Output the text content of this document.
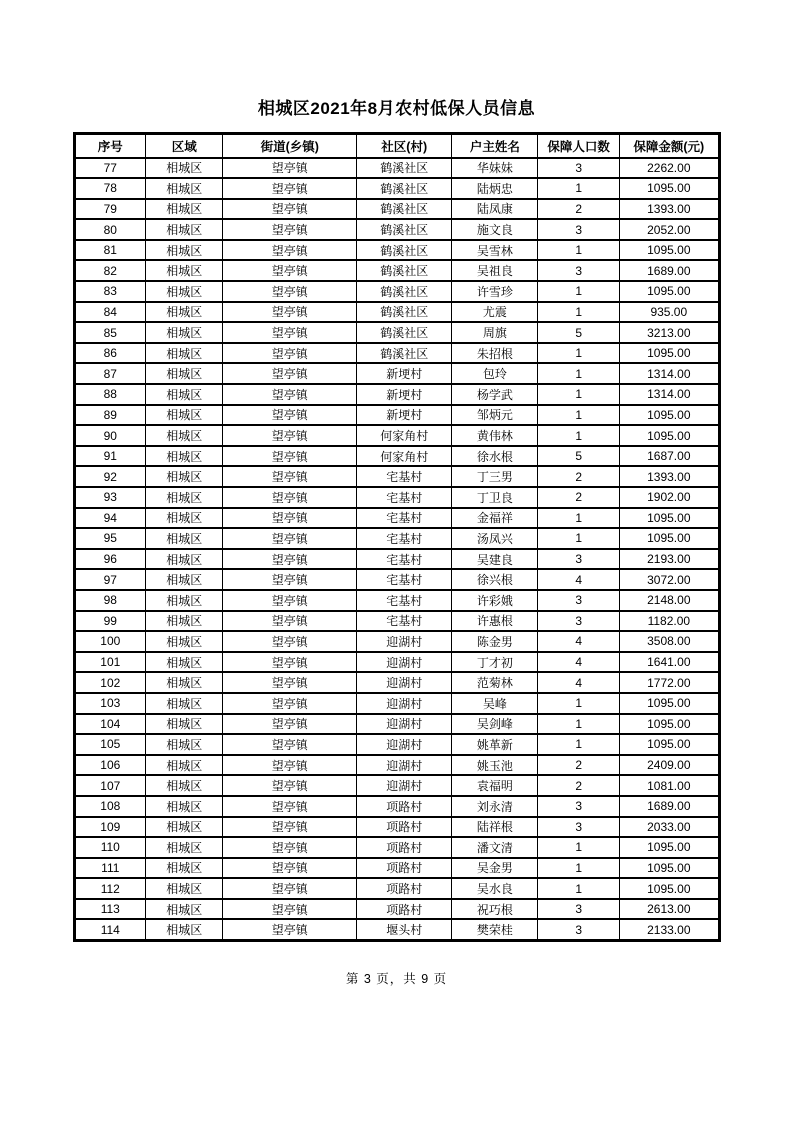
相城区2021年8月农村低保人员信息
序号	区域	街道(乡镇)	社区(村)	户主姓名	保障人口数	保障金额(元)
77	相城区	望亭镇	鹤溪社区	华妹妹	3	2262.00
78	相城区	望亭镇	鹤溪社区	陆炳忠	1	1095.00
79	相城区	望亭镇	鹤溪社区	陆凤康	2	1393.00
80	相城区	望亭镇	鹤溪社区	施文良	3	2052.00
81	相城区	望亭镇	鹤溪社区	吴雪林	1	1095.00
82	相城区	望亭镇	鹤溪社区	吴祖良	3	1689.00
83	相城区	望亭镇	鹤溪社区	许雪珍	1	1095.00
84	相城区	望亭镇	鹤溪社区	尤震	1	935.00
85	相城区	望亭镇	鹤溪社区	周旗	5	3213.00
86	相城区	望亭镇	鹤溪社区	朱招根	1	1095.00
87	相城区	望亭镇	新埂村	包玲	1	1314.00
88	相城区	望亭镇	新埂村	杨学武	1	1314.00
89	相城区	望亭镇	新埂村	邹炳元	1	1095.00
90	相城区	望亭镇	何家角村	黄伟林	1	1095.00
91	相城区	望亭镇	何家角村	徐水根	5	1687.00
92	相城区	望亭镇	宅基村	丁三男	2	1393.00
93	相城区	望亭镇	宅基村	丁卫良	2	1902.00
94	相城区	望亭镇	宅基村	金福祥	1	1095.00
95	相城区	望亭镇	宅基村	汤凤兴	1	1095.00
96	相城区	望亭镇	宅基村	吴建良	3	2193.00
97	相城区	望亭镇	宅基村	徐兴根	4	3072.00
98	相城区	望亭镇	宅基村	许彩娥	3	2148.00
99	相城区	望亭镇	宅基村	许惠根	3	1182.00
100	相城区	望亭镇	迎湖村	陈金男	4	3508.00
101	相城区	望亭镇	迎湖村	丁才初	4	1641.00
102	相城区	望亭镇	迎湖村	范菊林	4	1772.00
103	相城区	望亭镇	迎湖村	吴峰	1	1095.00
104	相城区	望亭镇	迎湖村	吴剑峰	1	1095.00
105	相城区	望亭镇	迎湖村	姚革新	1	1095.00
106	相城区	望亭镇	迎湖村	姚玉池	2	2409.00
107	相城区	望亭镇	迎湖村	袁福明	2	1081.00
108	相城区	望亭镇	项路村	刘永清	3	1689.00
109	相城区	望亭镇	项路村	陆祥根	3	2033.00
110	相城区	望亭镇	项路村	潘文清	1	1095.00
111	相城区	望亭镇	项路村	吴金男	1	1095.00
112	相城区	望亭镇	项路村	吴水良	1	1095.00
113	相城区	望亭镇	项路村	祝巧根	3	2613.00
114	相城区	望亭镇	堰头村	樊荣桂	3	2133.00
第 3 页，共 9 页
